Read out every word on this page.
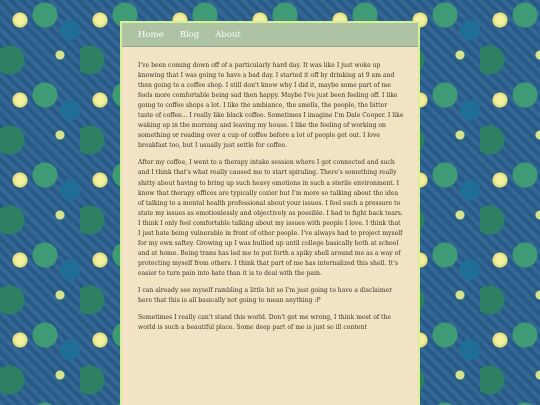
Home Blog About

I've been coming down off of a particularly hard day. It was like I just woke up knowing that I was going to have a bad day. I started it off by drinking at 9 am and then going to a coffee shop. I still don't know why I did it, maybe some part of me feels more comfortable being sad then happy. Maybe I've just been feeling off. I like going to coffee shops a lot. I like the ambiance, the smells, the people, the bitter taste of coffee... I really like black coffee. Sometimes I imagine I'm Dale Cooper. I like waking up in the morning and leaving my house. I like the feeling of working on something or reading over a cup of coffee before a lot of people get out. I love breakfast too, but I usually just settle for coffee.

After my coffee, I went to a therapy intake session where I got connected and such and I think that's what really caused me to start spiraling. There's something really shitty about having to bring up such heavy emotions in such a sterile environment. I know that therapy offices are typically cozier but I'm more so talking about the idea of talking to a mental health professional about your issues. I feel such a pressure to state my issues as emotionlessly and objectively as possible. I had to fight back tears. I think I only feel comfortable talking about my issues with people I love. I think that I just hate being vulnerable in front of other people. I've always had to project myself for my own saftey. Growing up I was bullied up until college basically both at school and at home. Being trans has led me to put forth a spiky shell around me as a way of protecting myself from others. I think that part of me has internalized this shell. It's easier to turn pain into hate than it is to deal with the pain.

I can already see myself rambling a little bit so I'm just going to have a disclaimer here that this is all basically not going to mean anything :P

Sometimes I really can't stand this world. Don't get me wrong, I think most of the world is such a beautiful place. Some deep part of me is just so ill content
